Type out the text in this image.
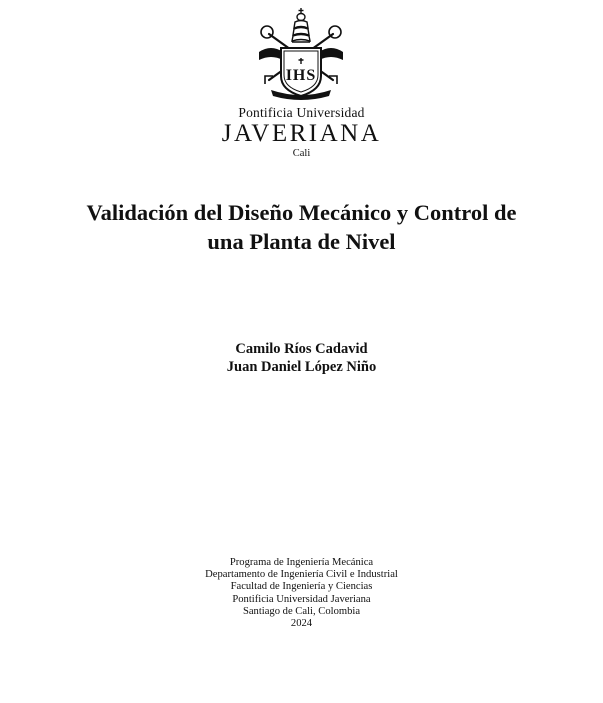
IHS
Pontificia Universidad
JAVERIANA
Cali
Validación del Diseño Mecánico y Control de
una Planta de Nivel
Camilo Ríos Cadavid
Juan Daniel López Niño
Programa de Ingeniería Mecánica
Departamento de Ingeniería Civil e Industrial
Facultad de Ingeniería y Ciencias
Pontificia Universidad Javeriana
Santiago de Cali, Colombia
2024
